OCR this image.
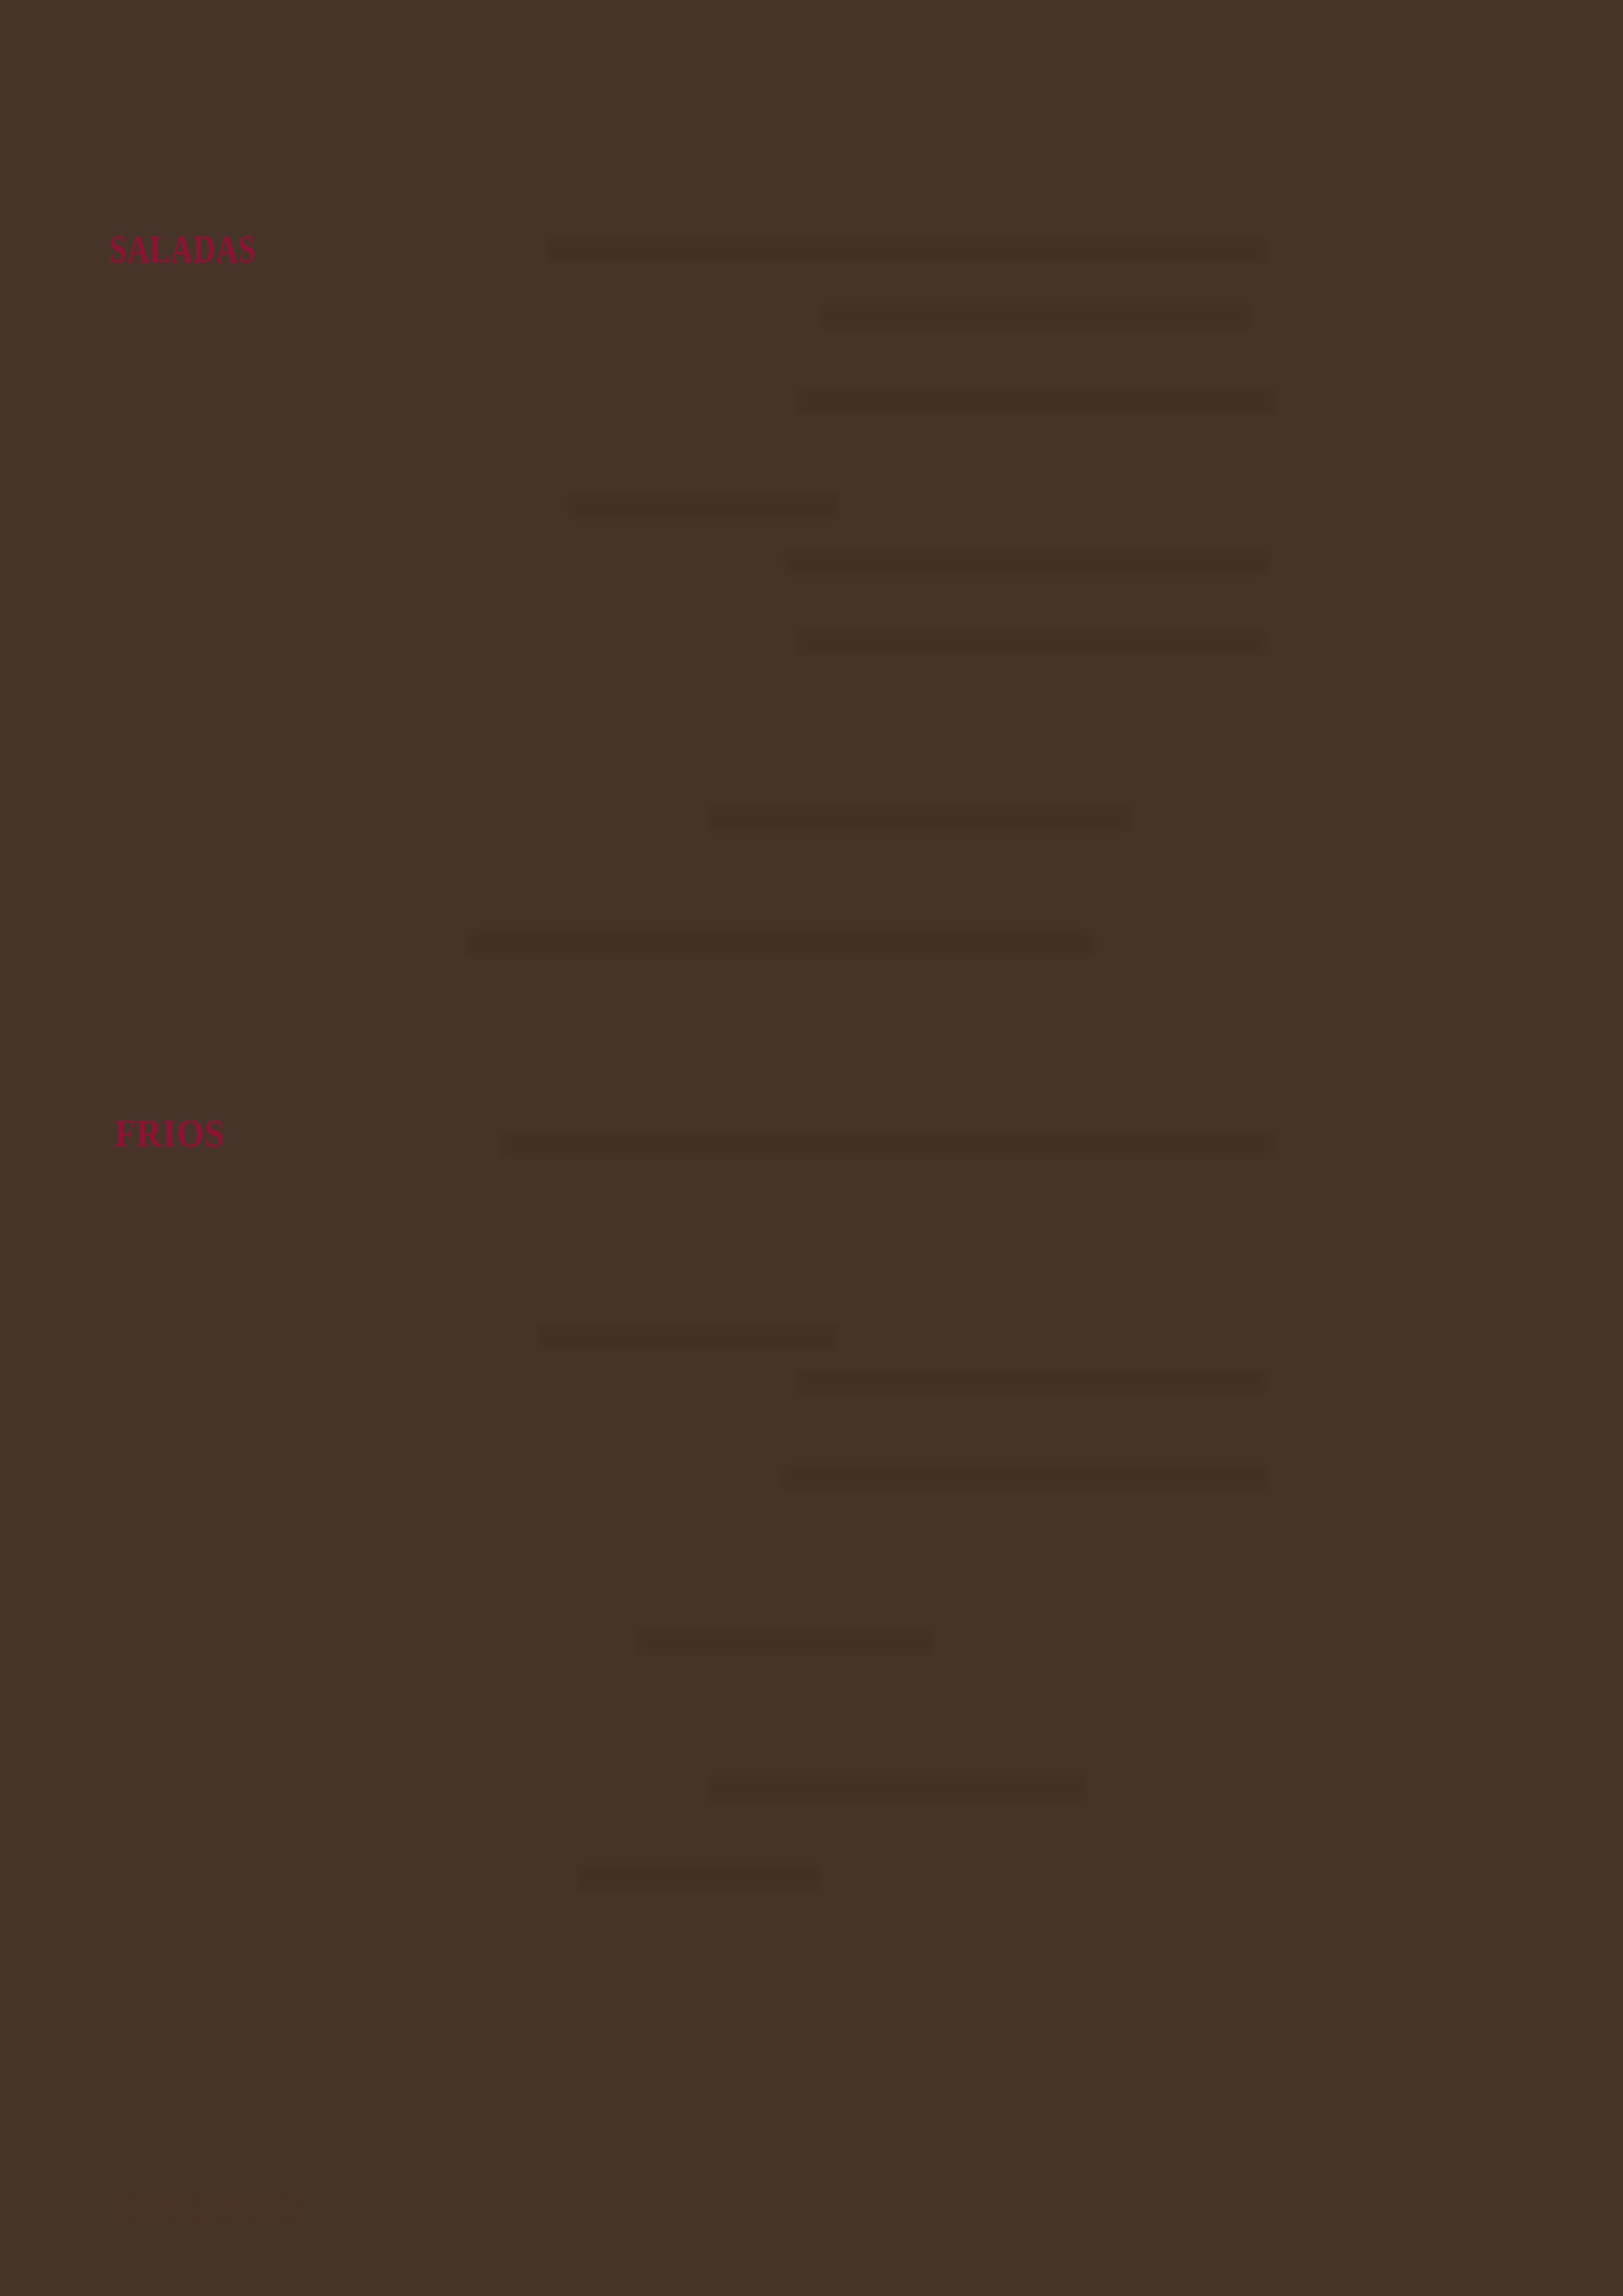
SALADAS
FRIOS
